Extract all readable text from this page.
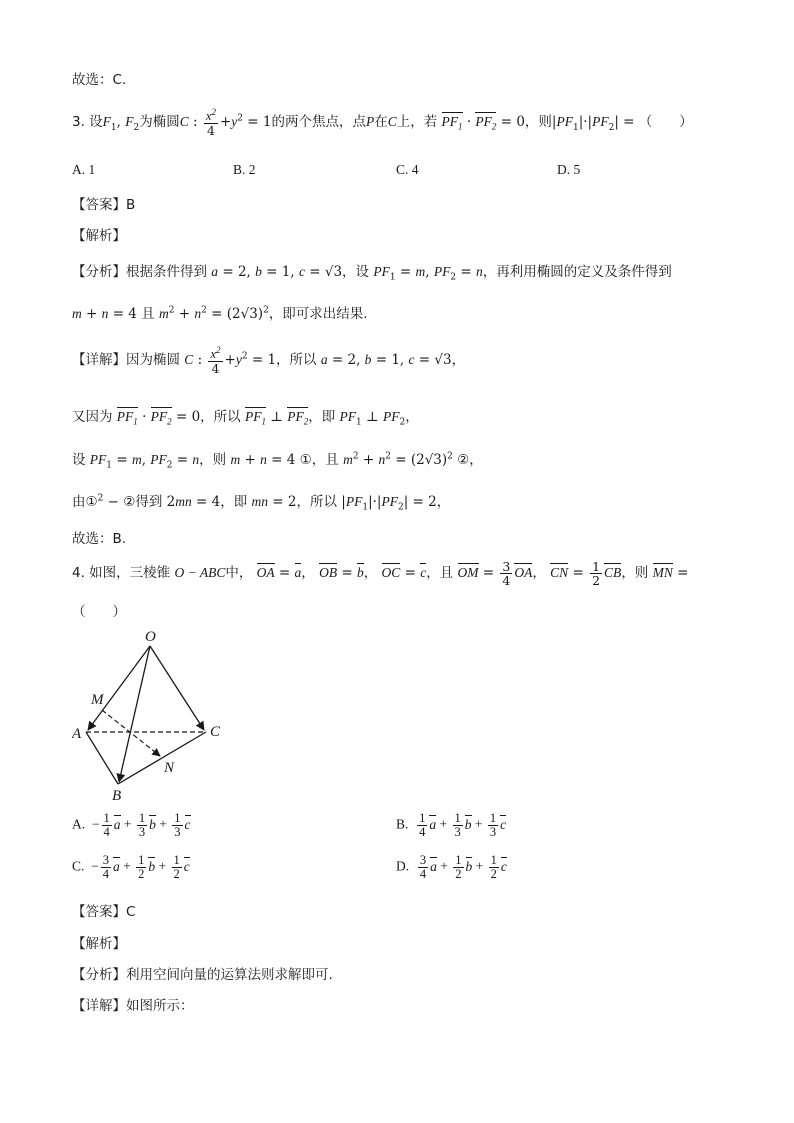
故选：C.
3. 设$F_1$, $F_2$为椭圆C : $\frac{x^2}{4} +y^2 = 1$的两个焦点，点P在C上，若 $PF_1 \cdot PF_2 = 0$，则$|PF_1|\cdot|PF_2|$ = （　　）
A. 1	B. 2	C. 4	D. 5
【答案】B
【解析】
【分析】根据条件得到 a = 2, b = 1, c = √3，设 $PF_1 = m$, $PF_2 = n$，再利用椭圆的定义及条件得到
m + n = 4 且 $m^2 + n^2 = (2√3)^2$，即可求出结果.
【详解】因为椭圆 C : $\frac{x^2}{4} +y^2 = 1$，所以 a = 2, b = 1, c = √3，
又因为 $PF_1 \cdot PF_2 = 0$，所以 $PF_1$ ⊥ $PF_2$，即 $PF_1$ ⊥ $PF_2$，
设 $PF_1 = m$, $PF_2 = n$，则 m + n = 4 ①，且 $m^2 + n^2 = (2√3)^2$ ②，
由①$^2$ − ②得到 2mn = 4，即 mn = 2，所以 $|PF_1|\cdot|PF_2| = 2$，
故选：B.
4. 如图，三棱锥 O − ABC中， OA = a， OB = b， OC = c，且 OM = $\frac{3}{4}$ OA， CN = $\frac{1}{2}$ CB，则 MN =
（　　）
O
M
A	C
N
B
A.  − $\frac{1}{4}$ $a + \frac{1}{3}$ $b + \frac{1}{3}$ c	B. $\frac{1}{4}$ $a + \frac{1}{3}$ $b + \frac{1}{3}$ c
C.  − $\frac{3}{4}$ $a + \frac{1}{2}$ $b + \frac{1}{2}$ c	D. $\frac{3}{4}$ $a + \frac{1}{2}$ $b + \frac{1}{2}$ c
【答案】C
【解析】
【分析】利用空间向量的运算法则求解即可.
【详解】如图所示：
